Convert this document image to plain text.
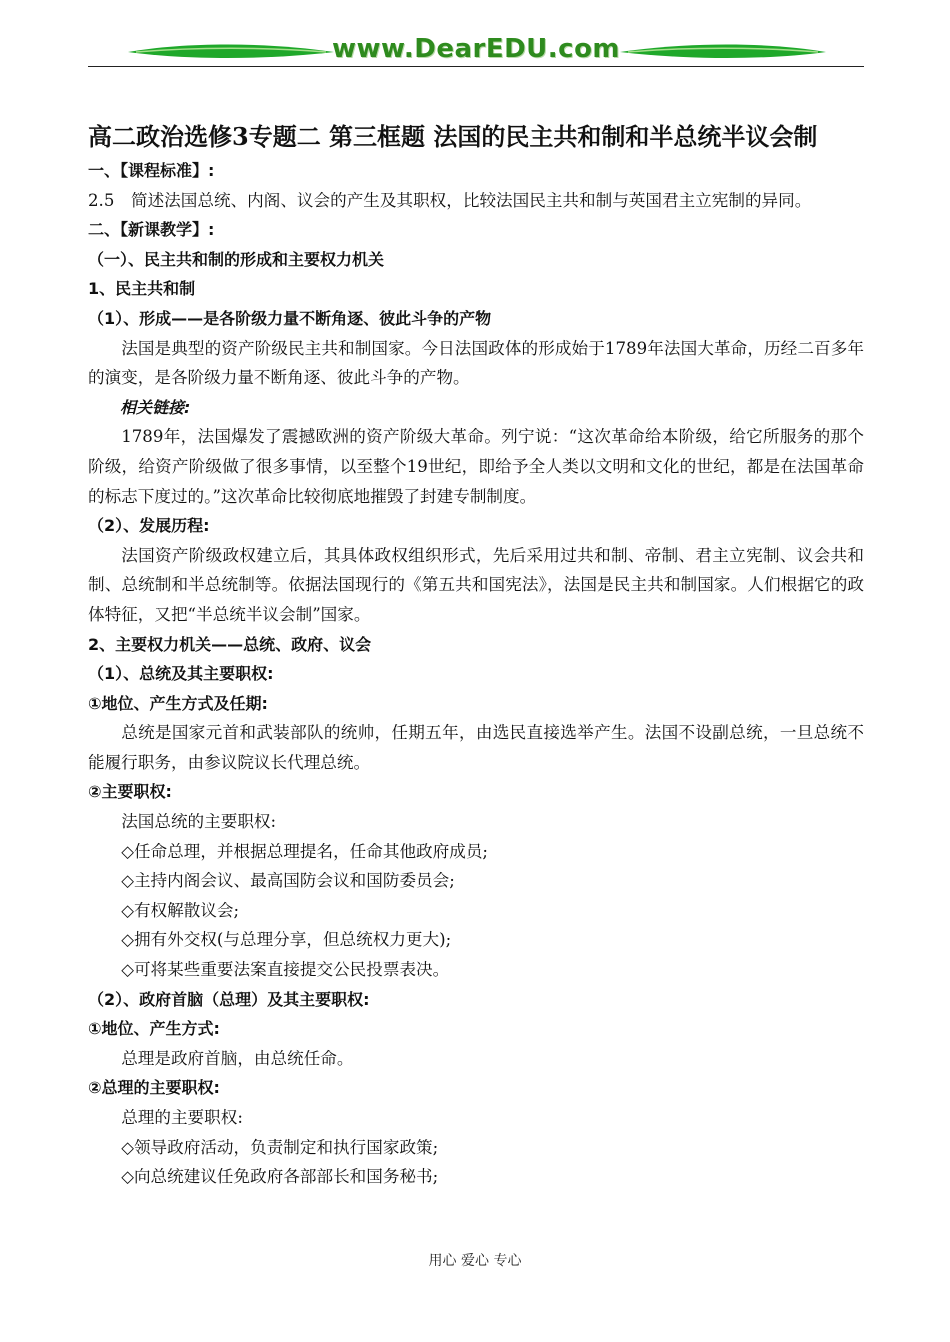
www.DearEDU.com
高二政治选修3专题二 第三框题 法国的民主共和制和半总统半议会制

一、【课程标准】:

2.5　简述法国总统、内阁、议会的产生及其职权，比较法国民主共和制与英国君主立宪制的异同。

二、【新课教学】:

（一）、民主共和制的形成和主要权力机关

1、民主共和制

（1）、形成——是各阶级力量不断角逐、彼此斗争的产物

法国是典型的资产阶级民主共和制国家。今日法国政体的形成始于1789年法国大革命，历经二百多年的演变，是各阶级力量不断角逐、彼此斗争的产物。

相关链接:

1789年，法国爆发了震撼欧洲的资产阶级大革命。列宁说：“这次革命给本阶级，给它所服务的那个阶级，给资产阶级做了很多事情，以至整个19世纪，即给予全人类以文明和文化的世纪，都是在法国革命的标志下度过的。”这次革命比较彻底地摧毁了封建专制制度。

（2）、发展历程:

法国资产阶级政权建立后，其具体政权组织形式，先后采用过共和制、帝制、君主立宪制、议会共和制、总统制和半总统制等。依据法国现行的《第五共和国宪法》，法国是民主共和制国家。人们根据它的政体特征，又把“半总统半议会制”国家。

2、主要权力机关——总统、政府、议会

（1）、总统及其主要职权:

①地位、产生方式及任期:

总统是国家元首和武装部队的统帅，任期五年，由选民直接选举产生。法国不设副总统，一旦总统不能履行职务，由参议院议长代理总统。

②主要职权:

法国总统的主要职权:

◇任命总理，并根据总理提名，任命其他政府成员;

◇主持内阁会议、最高国防会议和国防委员会;

◇有权解散议会;

◇拥有外交权(与总理分享，但总统权力更大);

◇可将某些重要法案直接提交公民投票表决。

（2）、政府首脑（总理）及其主要职权:

①地位、产生方式:

总理是政府首脑，由总统任命。

②总理的主要职权:

总理的主要职权:

◇领导政府活动，负责制定和执行国家政策;

◇向总统建议任免政府各部部长和国务秘书;

用心 爱心 专心
